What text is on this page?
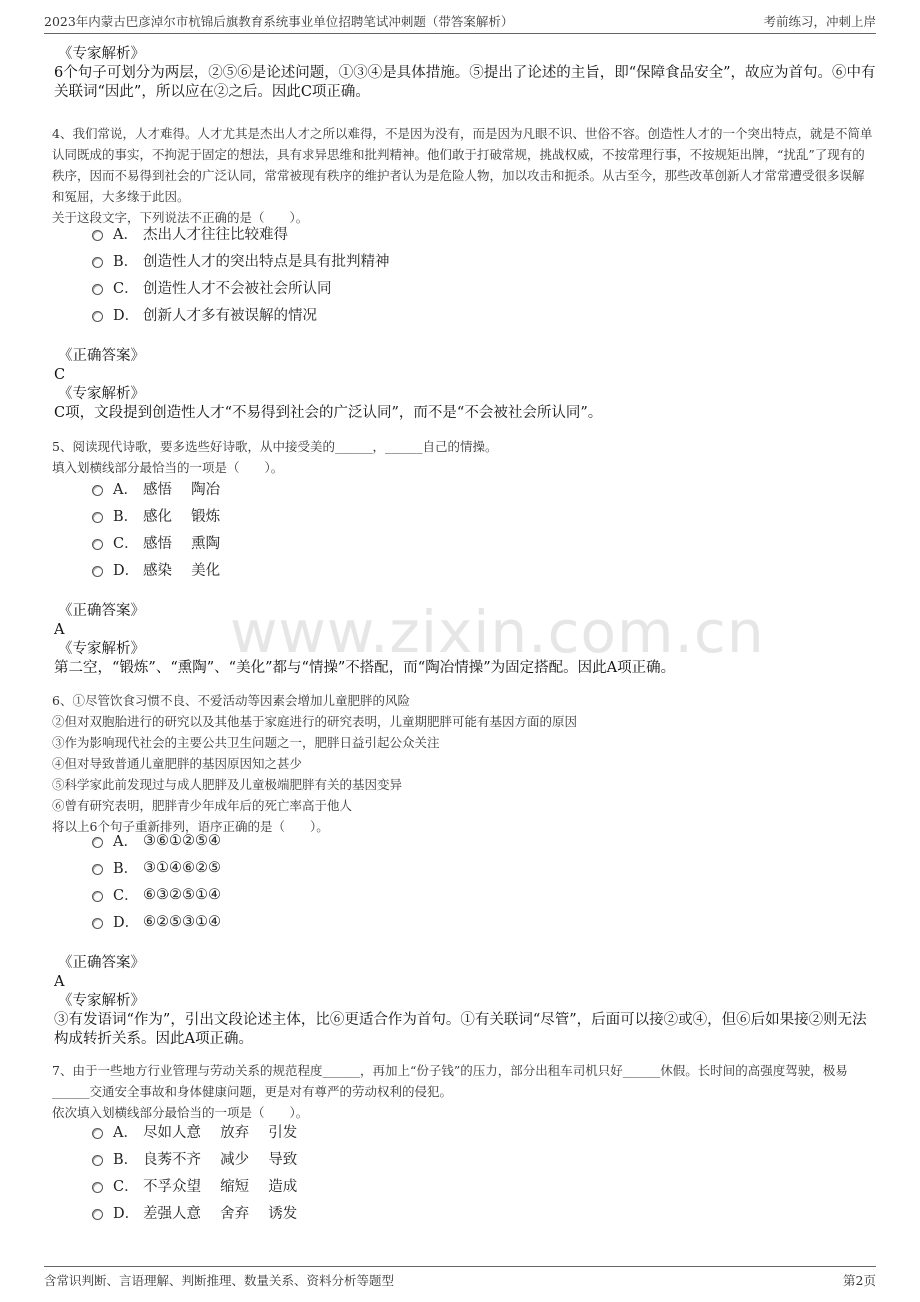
2023年内蒙古巴彦淖尔市杭锦后旗教育系统事业单位招聘笔试冲刺题（带答案解析）	考前练习，冲刺上岸
www.zixin.com.cn
《专家解析》
6个句子可划分为两层，②⑤⑥是论述问题，①③④是具体措施。⑤提出了论述的主旨，即“保障食品安全”，故应为首句。⑥中有关联词“因此”，所以应在②之后。因此C项正确。
4、我们常说，人才难得。人才尤其是杰出人才之所以难得，不是因为没有，而是因为凡眼不识、世俗不容。创造性人才的一个突出特点，就是不简单认同既成的事实，不拘泥于固定的想法，具有求异思维和批判精神。他们敢于打破常规，挑战权威，不按常理行事，不按规矩出牌，“扰乱”了现有的秩序，因而不易得到社会的广泛认同，常常被现有秩序的维护者认为是危险人物，加以攻击和扼杀。从古至今，那些改革创新人才常常遭受很多误解和冤屈，大多缘于此因。
关于这段文字，下列说法不正确的是（　　）。
A． 杰出人才往往比较难得
B． 创造性人才的突出特点是具有批判精神
C． 创造性人才不会被社会所认同
D． 创新人才多有被误解的情况
《正确答案》
C
《专家解析》
C项，文段提到创造性人才“不易得到社会的广泛认同”，而不是“不会被社会所认同”。
5、阅读现代诗歌，要多选些好诗歌，从中接受美的______，______自己的情操。
填入划横线部分最恰当的一项是（　　）。
A． 感悟　 陶冶
B． 感化　 锻炼
C． 感悟　 熏陶
D． 感染　 美化
《正确答案》
A
《专家解析》
第二空，“锻炼”、“熏陶”、“美化”都与“情操”不搭配，而“陶冶情操”为固定搭配。因此A项正确。
6、①尽管饮食习惯不良、不爱活动等因素会增加儿童肥胖的风险
②但对双胞胎进行的研究以及其他基于家庭进行的研究表明，儿童期肥胖可能有基因方面的原因
③作为影响现代社会的主要公共卫生问题之一，肥胖日益引起公众关注
④但对导致普通儿童肥胖的基因原因知之甚少
⑤科学家此前发现过与成人肥胖及儿童极端肥胖有关的基因变异
⑥曾有研究表明，肥胖青少年成年后的死亡率高于他人
将以上6个句子重新排列，语序正确的是（　　）。
A． ③⑥①②⑤④
B． ③①④⑥②⑤
C． ⑥③②⑤①④
D． ⑥②⑤③①④
《正确答案》
A
《专家解析》
③有发语词“作为”，引出文段论述主体，比⑥更适合作为首句。①有关联词“尽管”，后面可以接②或④，但⑥后如果接②则无法构成转折关系。因此A项正确。
7、由于一些地方行业管理与劳动关系的规范程度______，再加上“份子钱”的压力，部分出租车司机只好______休假。长时间的高强度驾驶，极易______交通安全事故和身体健康问题，更是对有尊严的劳动权利的侵犯。
依次填入划横线部分最恰当的一项是（　　）。
A． 尽如人意　 放弃　 引发
B． 良莠不齐　 减少　 导致
C． 不孚众望　 缩短　 造成
D． 差强人意　 舍弃　 诱发
含常识判断、言语理解、判断推理、数量关系、资料分析等题型	第2页
